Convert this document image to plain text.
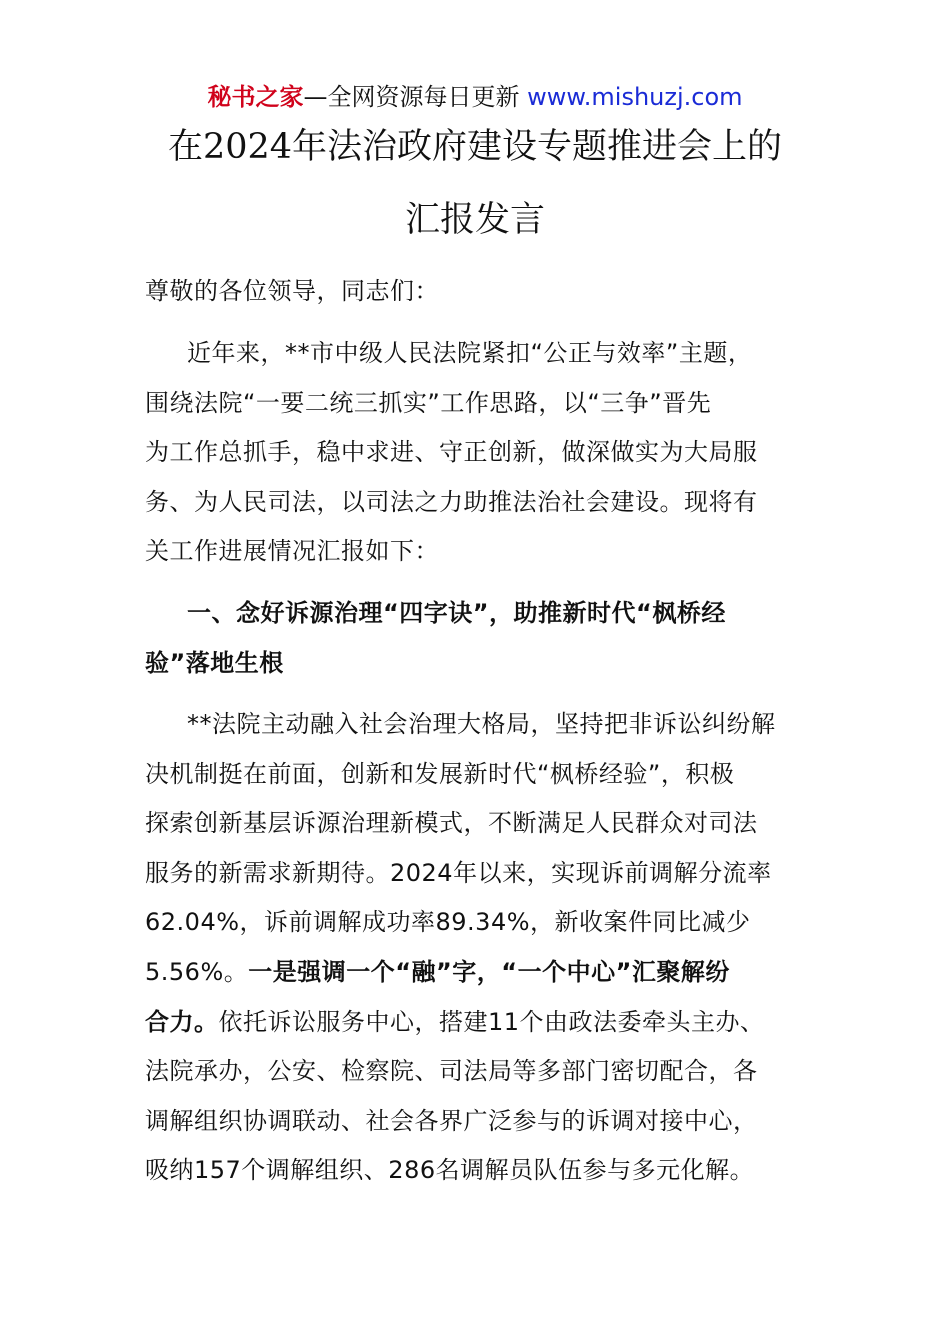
秘书之家—全网资源每日更新 www.mishuzj.com
在2024年法治政府建设专题推进会上的
汇报发言
尊敬的各位领导，同志们：
近年来，**市中级人民法院紧扣“公正与效率”主题，
围绕法院“一要二统三抓实”工作思路，以“三争”晋先
为工作总抓手，稳中求进、守正创新，做深做实为大局服
务、为人民司法，以司法之力助推法治社会建设。现将有
关工作进展情况汇报如下：
一、念好诉源治理“四字诀”，助推新时代“枫桥经
验”落地生根
**法院主动融入社会治理大格局，坚持把非诉讼纠纷解
决机制挺在前面，创新和发展新时代“枫桥经验”，积极
探索创新基层诉源治理新模式，不断满足人民群众对司法
服务的新需求新期待。2024年以来，实现诉前调解分流率
62.04%，诉前调解成功率89.34%，新收案件同比减少
5.56%。一是强调一个“融”字，“一个中心”汇聚解纷
合力。依托诉讼服务中心，搭建11个由政法委牵头主办、
法院承办，公安、检察院、司法局等多部门密切配合，各
调解组织协调联动、社会各界广泛参与的诉调对接中心，
吸纳157个调解组织、286名调解员队伍参与多元化解。
